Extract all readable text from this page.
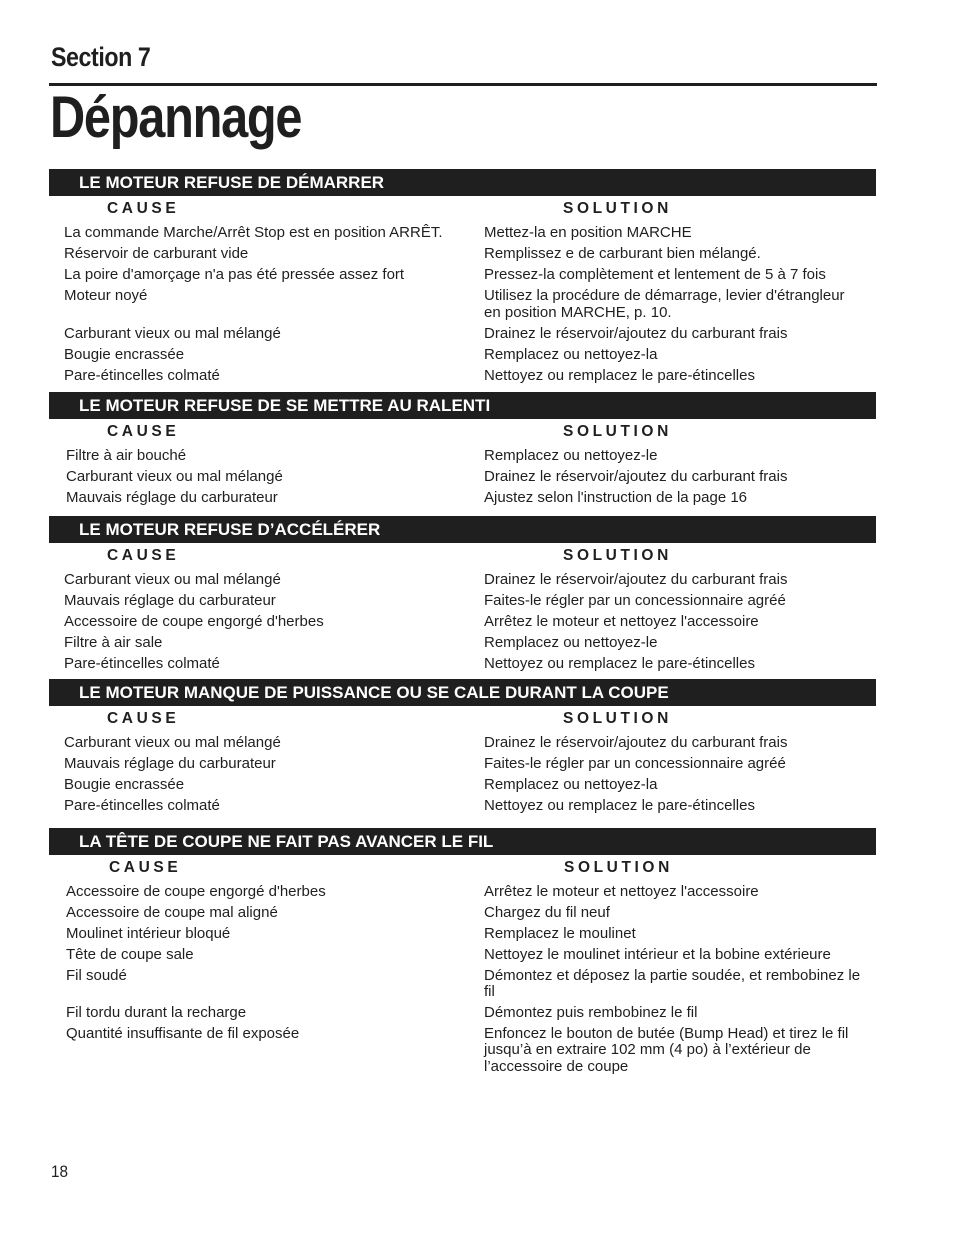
Section 7
Dépannage
LE MOTEUR REFUSE DE DÉMARRER
CAUSE	SOLUTION
La commande Marche/Arrêt Stop est en position ARRÊT.	Mettez-la en position MARCHE
Réservoir de carburant vide	Remplissez e de carburant bien mélangé.
La poire d'amorçage n'a pas été pressée assez fort	Pressez-la complètement et lentement de 5 à 7 fois
Moteur noyé	Utilisez la procédure de démarrage, levier d'étrangleur en position MARCHE, p. 10.
Carburant vieux ou mal mélangé	Drainez le réservoir/ajoutez du carburant frais
Bougie encrassée	Remplacez ou nettoyez-la
Pare-étincelles colmaté	Nettoyez ou remplacez le pare-étincelles
LE MOTEUR REFUSE DE SE METTRE AU RALENTI
CAUSE	SOLUTION
Filtre à air bouché	Remplacez ou nettoyez-le
Carburant vieux ou mal mélangé	Drainez le réservoir/ajoutez du carburant frais
Mauvais réglage du carburateur	Ajustez selon l'instruction de la page 16
LE MOTEUR REFUSE D’ACCÉLÉRER
CAUSE	SOLUTION
Carburant vieux ou mal mélangé	Drainez le réservoir/ajoutez du carburant frais
Mauvais réglage du carburateur	Faites-le régler par un concessionnaire agréé
Accessoire de coupe engorgé d'herbes	Arrêtez le moteur et nettoyez l'accessoire
Filtre à air sale	Remplacez ou nettoyez-le
Pare-étincelles colmaté	Nettoyez ou remplacez le pare-étincelles
LE MOTEUR MANQUE DE PUISSANCE OU SE CALE DURANT LA COUPE
CAUSE	SOLUTION
Carburant vieux ou mal mélangé	Drainez le réservoir/ajoutez du carburant frais
Mauvais réglage du carburateur	Faites-le régler par un concessionnaire agréé
Bougie encrassée	Remplacez ou nettoyez-la
Pare-étincelles colmaté	Nettoyez ou remplacez le pare-étincelles
LA TÊTE DE COUPE NE FAIT PAS AVANCER LE FIL
CAUSE	SOLUTION
Accessoire de coupe engorgé d'herbes	Arrêtez le moteur et nettoyez l'accessoire
Accessoire de coupe mal aligné	Chargez du fil neuf
Moulinet intérieur bloqué	Remplacez le moulinet
Tête de coupe sale	Nettoyez le moulinet intérieur et la bobine extérieure
Fil soudé	Démontez et déposez la partie soudée, et rembobinez le fil
Fil tordu durant la recharge	Démontez puis rembobinez le fil
Quantité insuffisante de fil exposée	Enfoncez le bouton de butée (Bump Head) et tirez le fil jusqu’à en extraire 102 mm (4 po) à l’extérieur de l’accessoire de coupe
18
